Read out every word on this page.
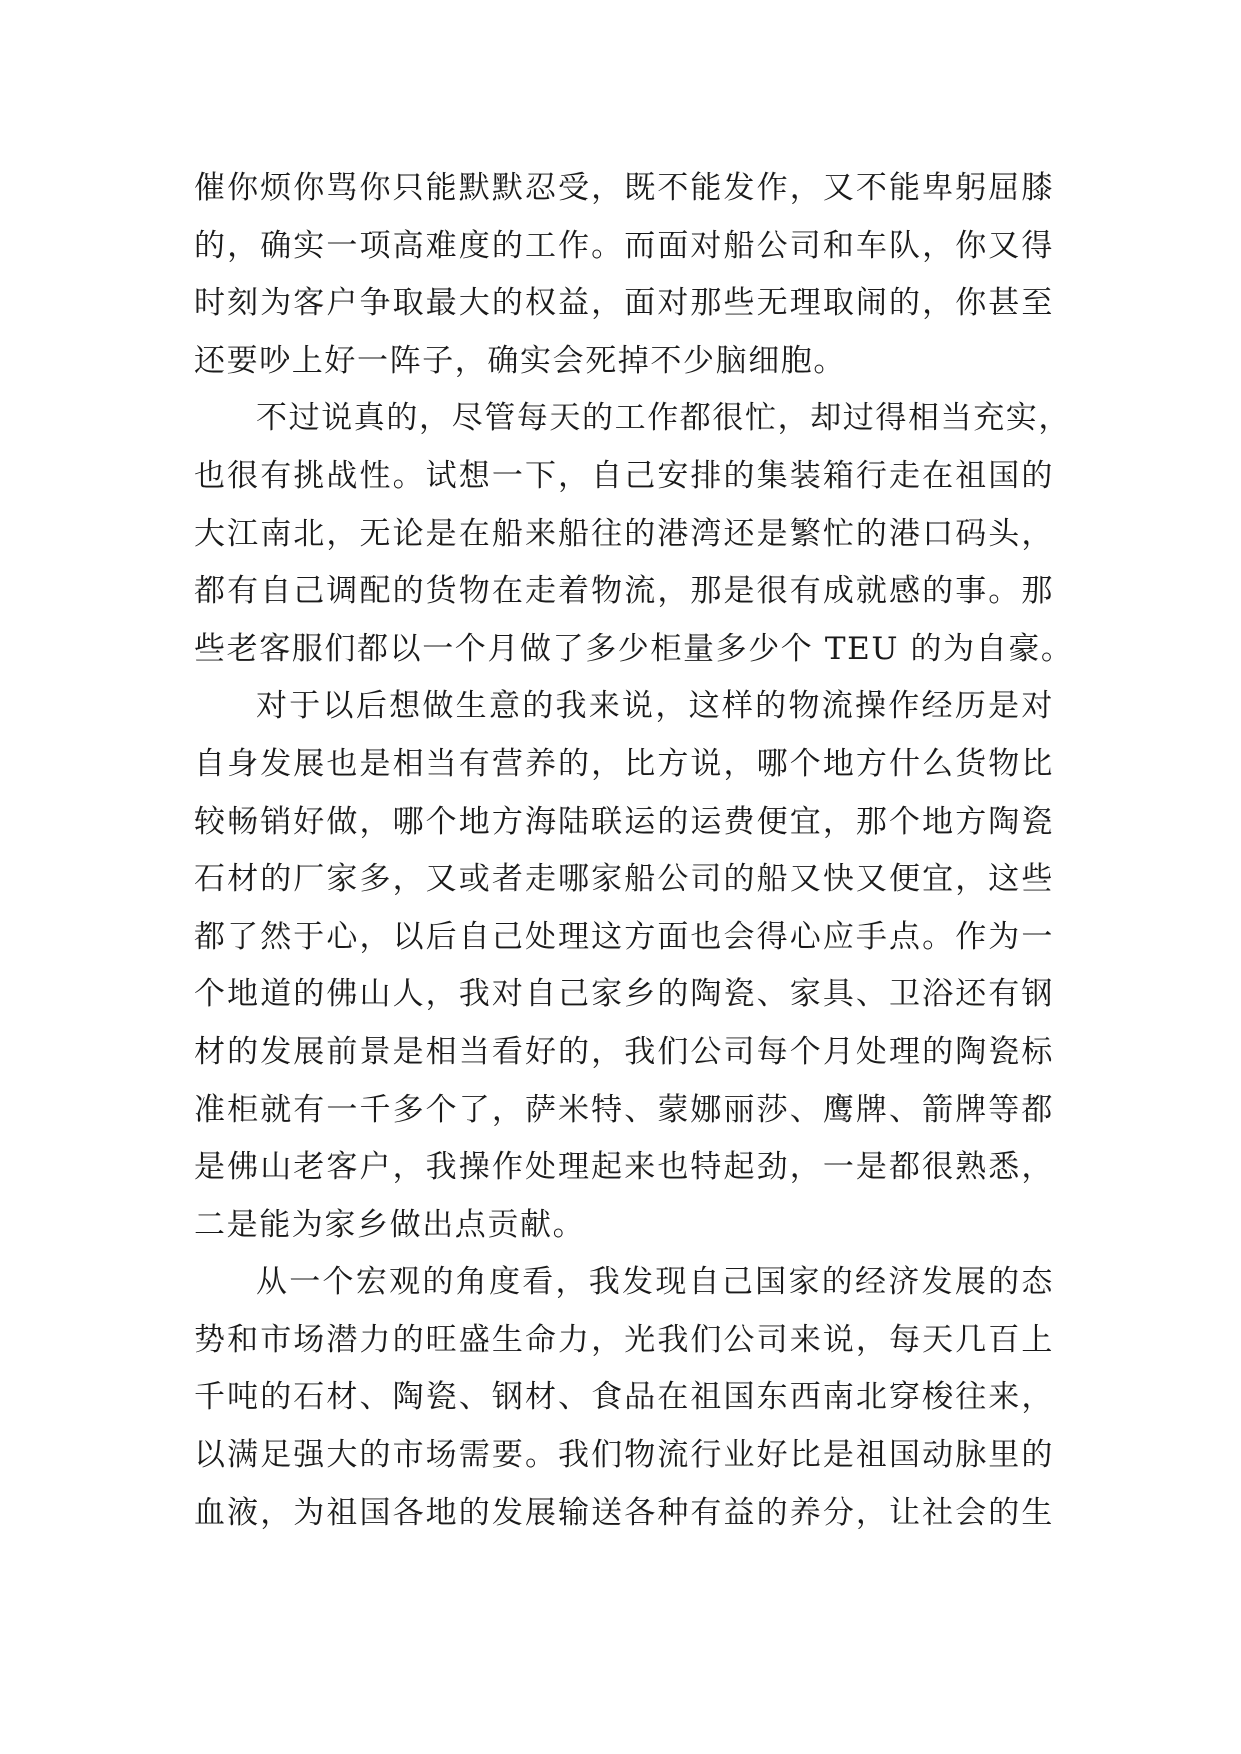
催你烦你骂你只能默默忍受，既不能发作，又不能卑躬屈膝
的，确实一项高难度的工作。而面对船公司和车队，你又得
时刻为客户争取最大的权益，面对那些无理取闹的，你甚至
还要吵上好一阵子，确实会死掉不少脑细胞。
不过说真的，尽管每天的工作都很忙，却过得相当充实，
也很有挑战性。试想一下，自己安排的集装箱行走在祖国的
大江南北，无论是在船来船往的港湾还是繁忙的港口码头，
都有自己调配的货物在走着物流，那是很有成就感的事。那
些老客服们都以一个月做了多少柜量多少个 TEU 的为自豪。
对于以后想做生意的我来说，这样的物流操作经历是对
自身发展也是相当有营养的，比方说，哪个地方什么货物比
较畅销好做，哪个地方海陆联运的运费便宜，那个地方陶瓷
石材的厂家多，又或者走哪家船公司的船又快又便宜，这些
都了然于心，以后自己处理这方面也会得心应手点。作为一
个地道的佛山人，我对自己家乡的陶瓷、家具、卫浴还有钢
材的发展前景是相当看好的，我们公司每个月处理的陶瓷标
准柜就有一千多个了，萨米特、蒙娜丽莎、鹰牌、箭牌等都
是佛山老客户，我操作处理起来也特起劲，一是都很熟悉，
二是能为家乡做出点贡献。
从一个宏观的角度看，我发现自己国家的经济发展的态
势和市场潜力的旺盛生命力，光我们公司来说，每天几百上
千吨的石材、陶瓷、钢材、食品在祖国东西南北穿梭往来，
以满足强大的市场需要。我们物流行业好比是祖国动脉里的
血液，为祖国各地的发展输送各种有益的养分，让社会的生
